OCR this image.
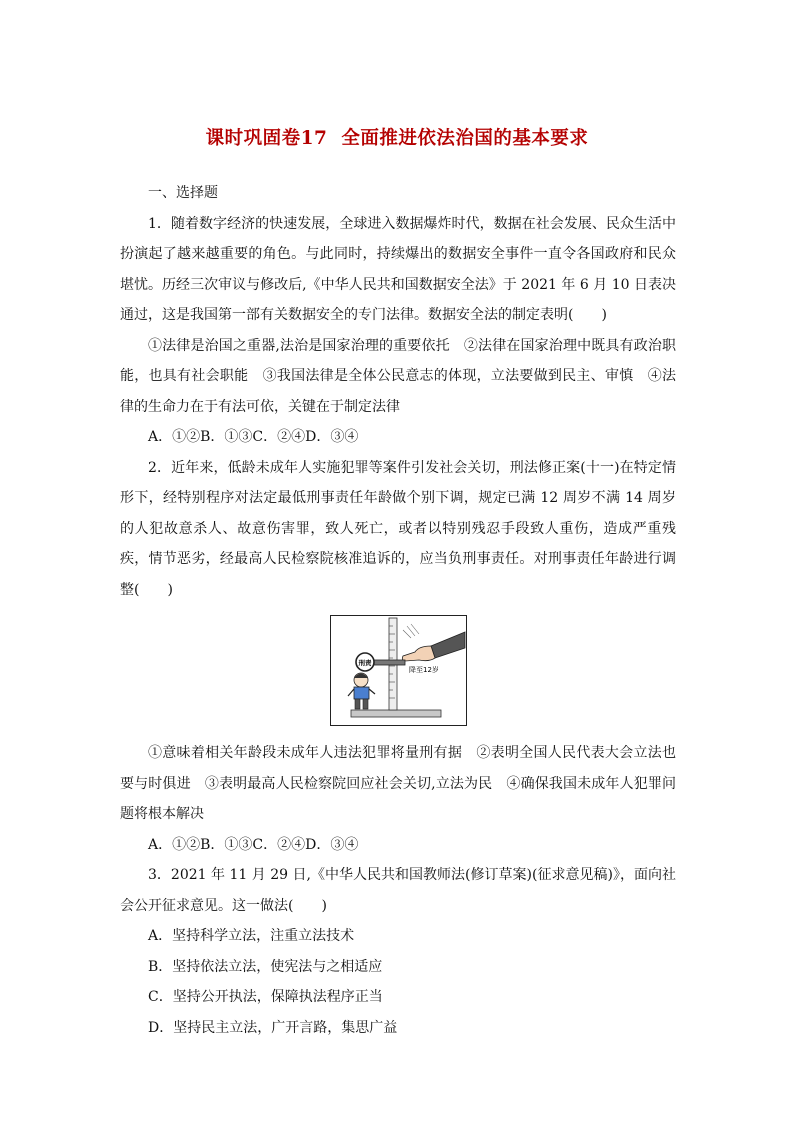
课时巩固卷17 全面推进依法治国的基本要求

一、选择题

1．随着数字经济的快速发展，全球进入数据爆炸时代，数据在社会发展、民众生活中扮演起了越来越重要的角色。与此同时，持续爆出的数据安全事件一直令各国政府和民众堪忧。历经三次审议与修改后,《中华人民共和国数据安全法》于 2021 年 6 月 10 日表决通过，这是我国第一部有关数据安全的专门法律。数据安全法的制定表明(　　)

①法律是治国之重器,法治是国家治理的重要依托　②法律在国家治理中既具有政治职能，也具有社会职能　③我国法律是全体公民意志的体现，立法要做到民主、审慎　④法律的生命力在于有法可依，关键在于制定法律

A．①②B．①③C．②④D．③④

2．近年来，低龄未成年人实施犯罪等案件引发社会关切，刑法修正案(十一)在特定情形下，经特别程序对法定最低刑事责任年龄做个别下调，规定已满 12 周岁不满 14 周岁的人犯故意杀人、故意伤害罪，致人死亡，或者以特别残忍手段致人重伤，造成严重残疾，情节恶劣，经最高人民检察院核准追诉的，应当负刑事责任。对刑事责任年龄进行调整(　　)

降至12岁
刑责

①意味着相关年龄段未成年人违法犯罪将量刑有据　②表明全国人民代表大会立法也要与时俱进　③表明最高人民检察院回应社会关切,立法为民　④确保我国未成年人犯罪问题将根本解决

A．①②B．①③C．②④D．③④

3．2021 年 11 月 29 日,《中华人民共和国教师法(修订草案)(征求意见稿)》，面向社会公开征求意见。这一做法(　　)

A．坚持科学立法，注重立法技术

B．坚持依法立法，使宪法与之相适应

C．坚持公开执法，保障执法程序正当

D．坚持民主立法，广开言路，集思广益
